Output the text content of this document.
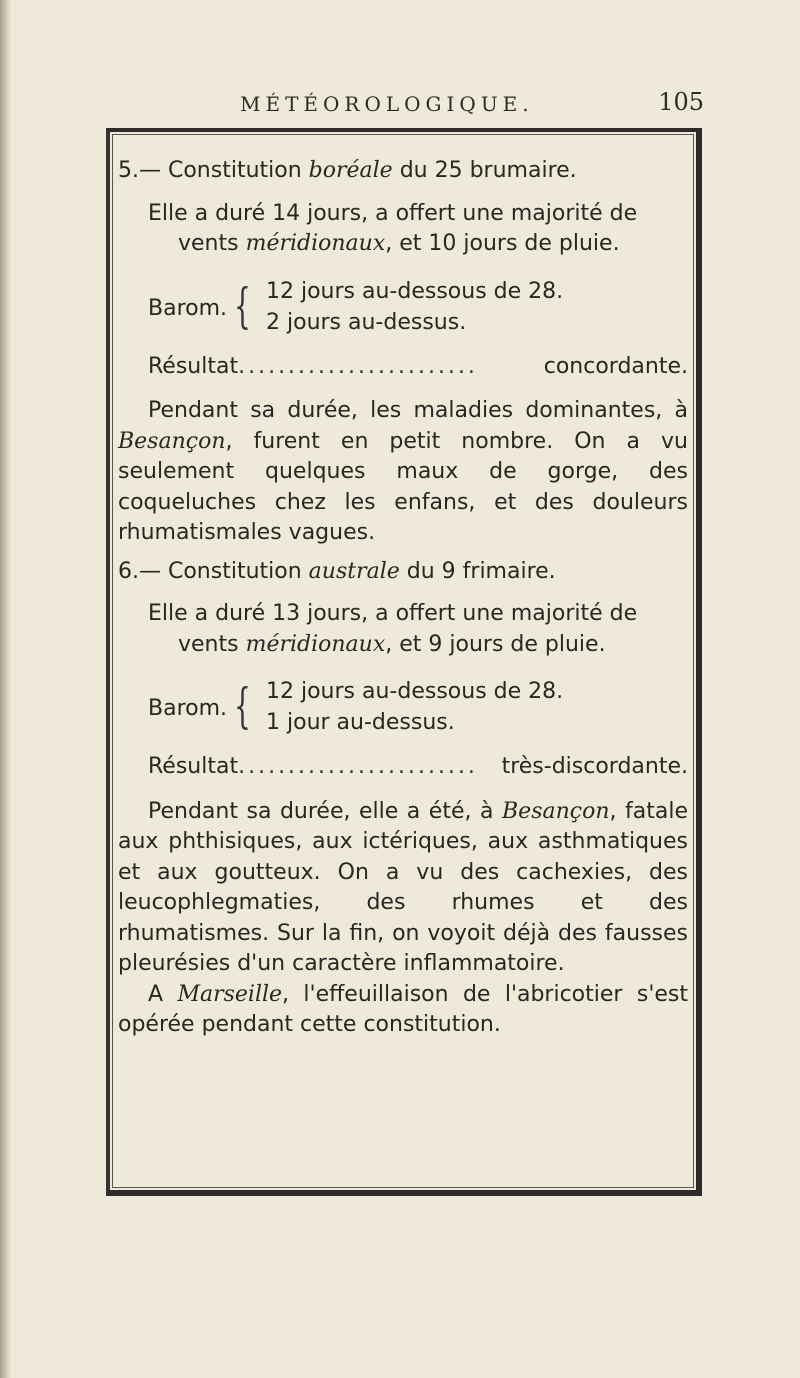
MÉTÉOROLOGIQUE.	105

5.— Constitution boréale du 25 brumaire.

Elle a duré 14 jours, a offert une majorité de vents méridionaux, et 10 jours de pluie.

Barom. { 12 jours au-dessous de 28.
2 jours au-dessus.
Résultat ........................	concordante.

Pendant sa durée, les maladies dominantes, à Besançon, furent en petit nombre. On a vu seulement quelques maux de gorge, des coqueluches chez les enfans, et des douleurs rhumatismales vagues.

6.— Constitution australe du 9 frimaire.

Elle a duré 13 jours, a offert une majorité de vents méridionaux, et 9 jours de pluie.

Barom. { 12 jours au-dessous de 28.
1 jour au-dessus.
Résultat ........................	très-discordante.

Pendant sa durée, elle a été, à Besançon, fatale aux phthisiques, aux ictériques, aux asthmatiques et aux goutteux. On a vu des cachexies, des leucophlegmaties, des rhumes et des rhumatismes. Sur la fin, on voyoit déjà des fausses pleurésies d'un caractère inflammatoire.

A Marseille, l'effeuillaison de l'abricotier s'est opérée pendant cette constitution.
